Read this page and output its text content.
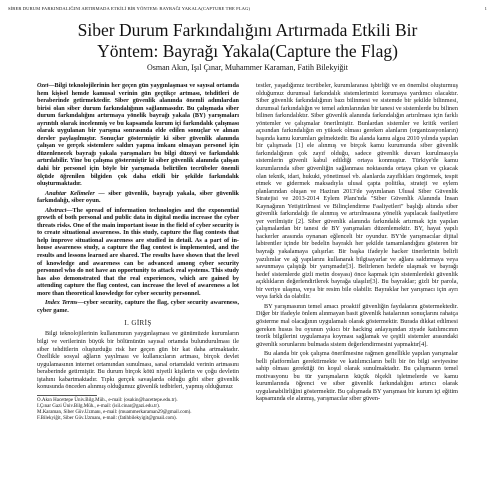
SİBER DURUM FARKINDALIĞINI ARTIRMADA ETKİLİ BİR YÖNTEM: BAYRAĞI YAKALA(CAPTURE THE FLAG)	1
Siber Durum Farkındalığını Artırmada Etkili Bir
Yöntem: Bayrağı Yakala(Capture the Flag)
Osman Akın, Işıl Çınar, Muhammer Karaman, Fatih Bilekyiğit

Özet—Bilgi teknolojilerinin her geçen gün yaygınlaşması ve sayısal ortamda hem kişisel hemde kamusal verinin gün geçtikçe artması, tehditleri de beraberinde getirmektedir. Siber güvenlik alanında önemli adımlardan birisi olan siber durum farkındalığının sağlanmasıdır. Bu çalışmada siber durum farkındalığını artırmaya yönelik bayrağı yakala (BY) yarışmaları ayrıntılı olarak incelenmiş ve bu kapsamda kurum içi farkındalık çalışması olarak uygulanan bir yarışma sonrasında elde edilen sonuçlar ve alınan dersler paylaşılmıştır. Sonuçlar göstermiştir ki siber güvenlik alanında çalışan ve gerçek sistemlere saldırı yapma imkanı olmayan personel için düzenlenecek bayrağı yakala yarışmaları bu bilgi düzeyi ve farkındalık artırılabilir. Yine bu çalışma göstermiştir ki siber güvenlik alanında çalışan dahi bir personel için böyle bir yarışmada belirtilen tecrübeler önemli ölçüde öğrenilen bilgiden çok daha etkili bir şekilde farkındalık oluşturmaktadır.

Anahtar Kelimeler — siber güvenlik, bayrağı yakala, siber güvenlik farkındalığı, siber oyun.

Abstract—The spread of information technologies and the exponential growth of both personal and public data in digital media increase the cyber threats risks. One of the main important issue in the field of cyber security is to create situational awareness. In this study, capture the flag contests that help improve situational awareness are studied in detail. As a part of in-house awareness study, a capture the flag contest is implemented, and the results and lessons learned are shared. The results have shown that the level of knowledge and awareness can be advanced among cyber security personnel who do not have an opportunity to attack real systems. This study has also demonstrated that the real experiences, which are gained by attending capture the flag contest, can increase the level of awareness a lot more than theoretical knowledge for cyber security personnel.

Index Terms—cyber security, capture the flag, cyber security awareness, cyber game.

I. GİRİŞ

Bilgi teknolojilerinin kullanımının yaygınlaşması ve günümüzde kurumların bilgi ve verilerinin büyük bir bölümünün sayısal ortamda bulundurulması ile siber tehditlerin oluşturduğu risk her geçen gün bir kat daha artmaktadır. Özellikle sosyal ağların yayılması ve kullanıcıların artması, birçok devlet uygulamasının internet ortamından sunulması, sanal ortamdaki verinin artmasını beraberinde getirmiştir. Bu durum birçok kötü niyetli kişilerin ve çoğu devletin iştahını kabartmaktadır. Tıpkı gerçek savaşlarda olduğu gibi siber güvenlik konusunda önceden alınmış olduğumuz güvenlik tedbirleri, yapmış olduğumuz

O.Akın Hacettepe Üniv.Bilg.Müh., e-mail: (osakin@hacettepe.edu.tr).

I.Çınar Gazi Üniv.Bilg.Müh., e-mail: (isil.cinar@gazi.edu.tr).

M.Karaman, Siber Güv.Uzmanı, e-mail: (muammerkaraman29@gmail.com).

F.Bilekyiğit, Siber Güv.Uzmanı, e-mail: (fatihbilekyigit@gmail.com).

testler, yaşadığımız tecrübeler, kurumlararası işbirliği ve en önemlisi oluşturmuş olduğumuz durumsal farkındalık sistemlerimizi korumaya yardımcı olacaktır. Siber güvenlik farkındalığının bazı bilinmesi ve sistemde bir şekilde bilinmesi, durumsal farkındalığın ve temel adımlarından bir tanesi ve sistemlerde bu bilinen bilinen farkındalıktır. Siber güvenlik alanında farkındalığın artırılması için farklı yöntemler ve çalışmalar önerilmiştir. Bunlardan sistemler ve kritik verileri açısından farkındalığın en yüksek olması gereken alanların (organizasyonların) başında kamu kurumları gelmektedir. Bu alanda kamu algısı 2010 yılında yapılan bir çalışmada [1] ele alınmış ve birçok kamu kurumunda siber güvenlik farkındalığının çok zayıf olduğu, sadece güvenlik duvarı kurulmasıyla sistemlerin güvenli kabul edildiği ortaya konmuştur. Türkiye'de kamu kurumlarında siber güvenliğin sağlanması noktasında ortaya çıkan ve çıkacak olan teknik, idari, hukuki, yönetimsel vb. alanlarda zayıflıkları öngörmek, tespit etmek ve gidermek maksadıyla ulusal çapta politika, strateji ve eylem planlarından oluşan ve Haziran 2013'de yayımlanan Ulusal Siber Güvenlik Stratejisi ve 2013-2014 Eylem Planı'nda "Siber Güvenlik Alanında İnsan Kaynağının Yetiştirilmesi ve Bilinçlendirme Faaliyetleri" başlığı altında siber güvenlik farkındalığı ile alınmış ve artırılmasına yönelik yapılacak faaliyetlere yer verilmiştir [2]. Siber güvenlik alanında farkındalık artırmak için yapılan çalışmalardan bir tanesi de BY yarışmaları düzenlemektir. BY, hayat yapılı hackerler arasında oynanan eğlenceli bir oyundur. BY'de yarışmacılar dijital labirentler içinde bir bedelin bayraklı her şekilde tamamlandığını gösteren bir bayrağı yakalamaya çalışırlar. Bir başka ifadeyle hacker tinerlerinin belirli yazılımlar ve ağ yapılarını kullanarak bilgisayarlar ve ağlara saldırmaya veya savunmaya çalıştığı bir yarışmadır[3]. Belirlenen hedefe ulaşmak ve bayrağı hedef sistemlerde gizli metin dosyası) önce kapmak için sistemlerdeki güvenlik açıklıkların değerlendirilerek bayrağa ulaşılır[3]. Bu bayraklar; gizli bir parola, bir veriye ulaşma, veya bir resim bile olabilir. Bayraklar her yarışmacı için ayrı veya farklı da olabilir.

BY yarışmasının temel amacı proaktif güvenliğin faydalarını göstermektedir. Diğer bir ifadeyle önlem alınmayan basit güvenlik hatalarının sonuçlarını rahatça gösterme mal olacağının uygulamalı olarak göstermektir. Burada dikkat edilmesi gereken husus bu oyunun yıkıcı bir hacking anlayışından ziyade katılımcının teorik bilgilerini uygulamaya koyması sağlamak ve çeşitli sistemler arasındaki güvenlik sorunlarını bulmada sistem değerlendirmesini yapmaktır[4].

Bu alanda bir çok çalışma önerilmesine rağmen genellikle yapılan yarışmalar belli platformları gerektirmekte ve katılımcıların belli bir ön bilgi seviyesine sahip olması gerektiği ön koşul olarak sunulmaktadır. Bu çalışmanın temel motivasyonu bu tür yarışmaların küçük ölçekli işletmelerde ve kamu kurumlarında öğrenci ve siber güvenlik farkındalığını artırıcı olarak uygulanabilirliğini göstermektir. Bu çalışmada BY yarışması bir kurum içi eğitim kapsamında ele alınmış, yarışmacılar siber güven-
